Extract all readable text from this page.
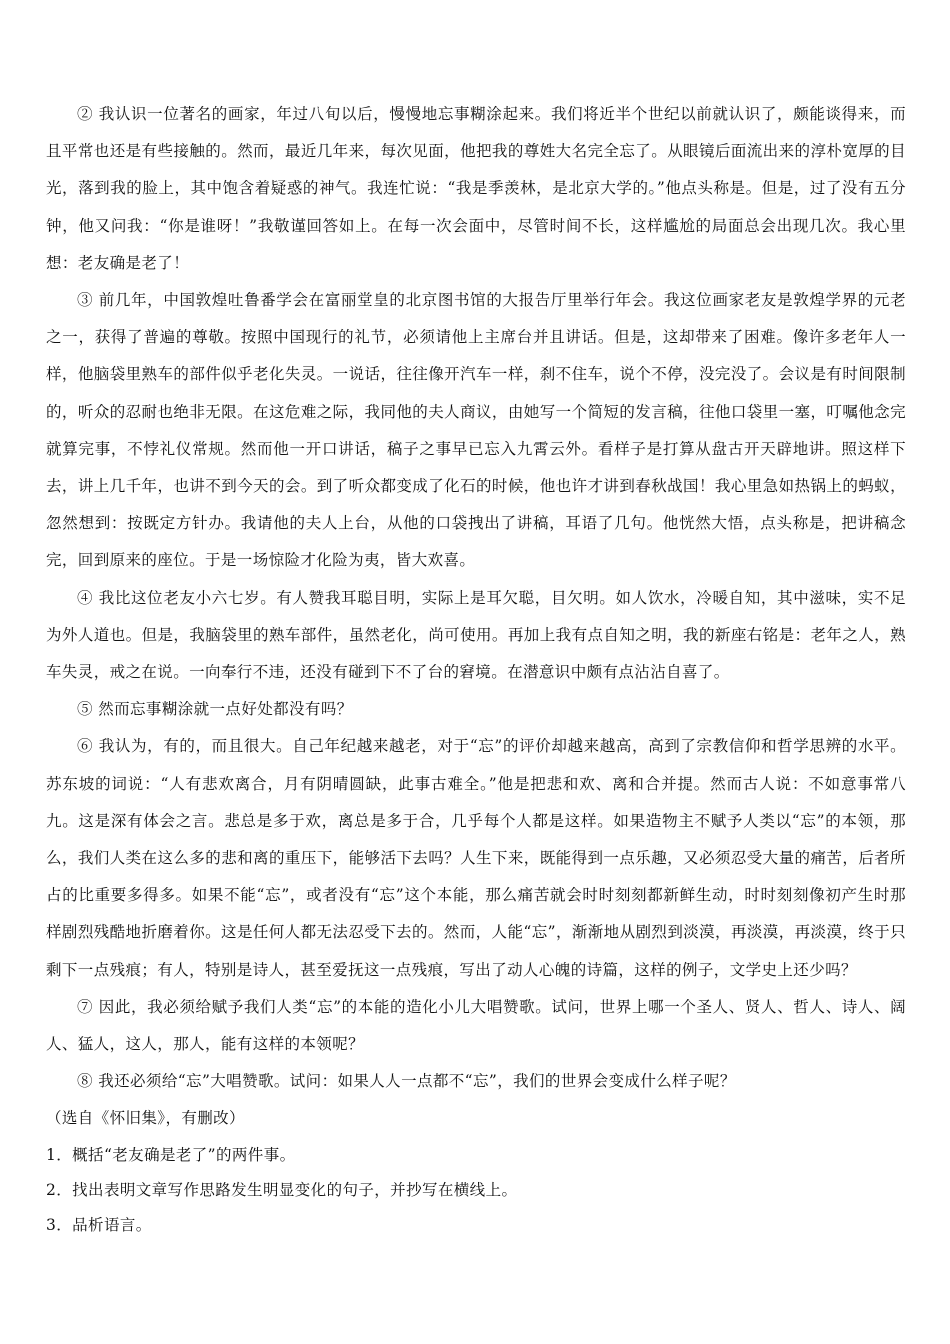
② 我认识一位著名的画家，年过八旬以后，慢慢地忘事糊涂起来。我们将近半个世纪以前就认识了，颇能谈得来，而且平常也还是有些接触的。然而，最近几年来，每次见面，他把我的尊姓大名完全忘了。从眼镜后面流出来的淳朴宽厚的目光，落到我的脸上，其中饱含着疑惑的神气。我连忙说：“我是季羡林，是北京大学的。”他点头称是。但是，过了没有五分钟，他又问我：“你是谁呀！”我敬谨回答如上。在每一次会面中，尽管时间不长，这样尴尬的局面总会出现几次。我心里想：老友确是老了！

③ 前几年，中国敦煌吐鲁番学会在富丽堂皇的北京图书馆的大报告厅里举行年会。我这位画家老友是敦煌学界的元老之一，获得了普遍的尊敬。按照中国现行的礼节，必须请他上主席台并且讲话。但是，这却带来了困难。像许多老年人一样，他脑袋里熟车的部件似乎老化失灵。一说话，往往像开汽车一样，刹不住车，说个不停，没完没了。会议是有时间限制的，听众的忍耐也绝非无限。在这危难之际，我同他的夫人商议，由她写一个简短的发言稿，往他口袋里一塞，叮嘱他念完就算完事，不悖礼仪常规。然而他一开口讲话，稿子之事早已忘入九霄云外。看样子是打算从盘古开天辟地讲。照这样下去，讲上几千年，也讲不到今天的会。到了听众都变成了化石的时候，他也许才讲到春秋战国！我心里急如热锅上的蚂蚁，忽然想到：按既定方针办。我请他的夫人上台，从他的口袋拽出了讲稿，耳语了几句。他恍然大悟，点头称是，把讲稿念完，回到原来的座位。于是一场惊险才化险为夷，皆大欢喜。

④ 我比这位老友小六七岁。有人赞我耳聪目明，实际上是耳欠聪，目欠明。如人饮水，冷暖自知，其中滋味，实不足为外人道也。但是，我脑袋里的熟车部件，虽然老化，尚可使用。再加上我有点自知之明，我的新座右铭是：老年之人，熟车失灵，戒之在说。一向奉行不违，还没有碰到下不了台的窘境。在潜意识中颇有点沾沾自喜了。

⑤ 然而忘事糊涂就一点好处都没有吗？

⑥ 我认为，有的，而且很大。自己年纪越来越老，对于“忘”的评价却越来越高，高到了宗教信仰和哲学思辨的水平。苏东坡的词说：“人有悲欢离合，月有阴晴圆缺，此事古难全。”他是把悲和欢、离和合并提。然而古人说：不如意事常八九。这是深有体会之言。悲总是多于欢，离总是多于合，几乎每个人都是这样。如果造物主不赋予人类以“忘”的本领，那么，我们人类在这么多的悲和离的重压下，能够活下去吗？人生下来，既能得到一点乐趣，又必须忍受大量的痛苦，后者所占的比重要多得多。如果不能“忘”，或者没有“忘”这个本能，那么痛苦就会时时刻刻都新鲜生动，时时刻刻像初产生时那样剧烈残酷地折磨着你。这是任何人都无法忍受下去的。然而，人能“忘”，渐渐地从剧烈到淡漠，再淡漠，再淡漠，终于只剩下一点残痕；有人，特别是诗人，甚至爱抚这一点残痕，写出了动人心魄的诗篇，这样的例子，文学史上还少吗？

⑦ 因此，我必须给赋予我们人类“忘”的本能的造化小儿大唱赞歌。试问，世界上哪一个圣人、贤人、哲人、诗人、阔人、猛人，这人，那人，能有这样的本领呢？

⑧ 我还必须给“忘”大唱赞歌。试问：如果人人一点都不“忘”，我们的世界会变成什么样子呢？

（选自《怀旧集》，有删改）

1．概括“老友确是老了”的两件事。

2．找出表明文章写作思路发生明显变化的句子，并抄写在横线上。

3．品析语言。
